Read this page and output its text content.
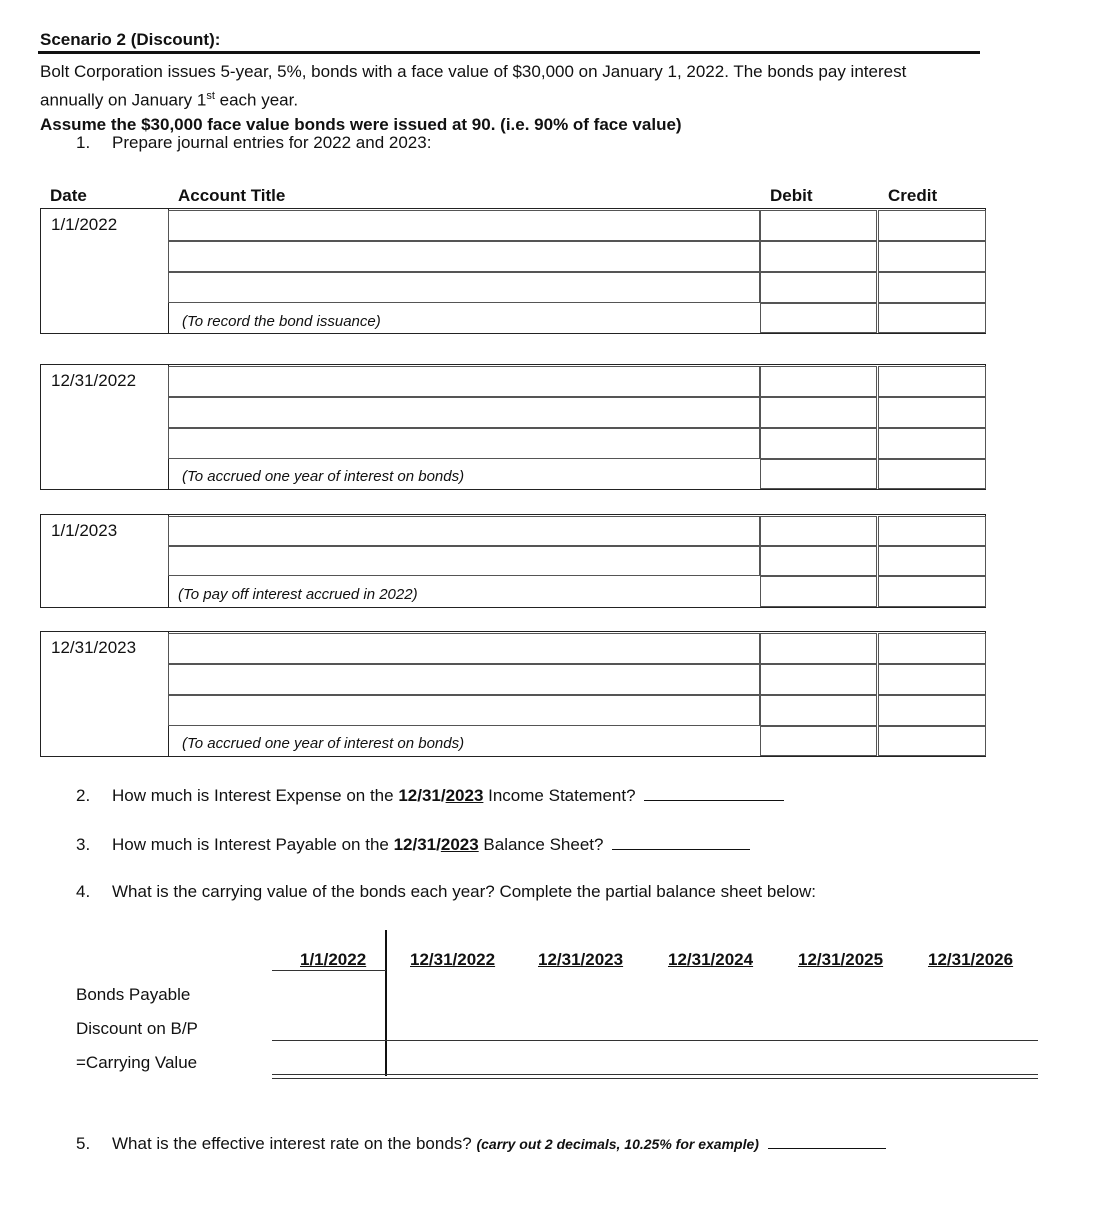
Scenario 2 (Discount):
Bolt Corporation issues 5-year, 5%, bonds with a face value of $30,000 on January 1, 2022. The bonds pay interest
annually on January 1st each year.
Assume the $30,000 face value bonds were issued at 90. (i.e. 90% of face value)
1. Prepare journal entries for 2022 and 2023:
Date	Account Title	Debit	Credit
1/1/2022
(To record the bond issuance)
12/31/2022
(To accrued one year of interest on bonds)
1/1/2023
(To pay off interest accrued in 2022)
12/31/2023
(To accrued one year of interest on bonds)
2. How much is Interest Expense on the 12/31/2023 Income Statement?
3. How much is Interest Payable on the 12/31/2023 Balance Sheet?
4. What is the carrying value of the bonds each year? Complete the partial balance sheet below:
1/1/2022	12/31/2022	12/31/2023	12/31/2024	12/31/2025	12/31/2026
Bonds Payable
Discount on B/P
=Carrying Value
5. What is the effective interest rate on the bonds? (carry out 2 decimals, 10.25% for example)
